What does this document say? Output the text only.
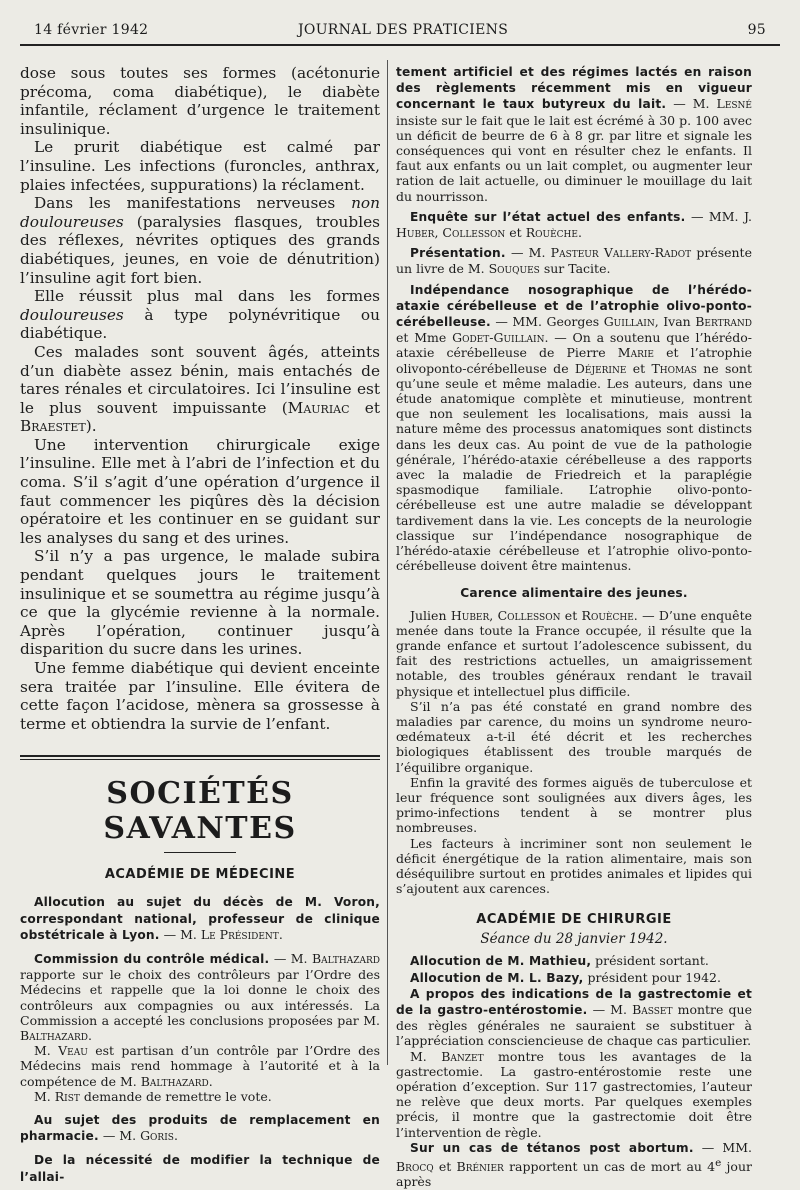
14 février 1942	JOURNAL DES PRATICIENS	95

dose sous toutes ses formes (acétonurie précoma, coma diabétique), le diabète infantile, réclament d’urgence le traitement insulinique.

Le prurit diabétique est calmé par l’insuline. Les infections (furoncles, anthrax, plaies infectées, suppurations) la réclament.

Dans les manifestations nerveuses non douloureuses (paralysies flasques, troubles des réflexes, névrites optiques des grands diabétiques, jeunes, en voie de dénutrition) l’insuline agit fort bien.

Elle réussit plus mal dans les formes douloureuses à type polynévritique ou diabétique.

Ces malades sont souvent âgés, atteints d’un diabète assez bénin, mais entachés de tares rénales et circulatoires. Ici l’insuline est le plus souvent impuissante (Mauriac et Braestet).

Une intervention chirurgicale exige l’insuline. Elle met à l’abri de l’infection et du coma. S’il s’agit d’une opération d’urgence il faut commencer les piqûres dès la décision opératoire et les continuer en se guidant sur les analyses du sang et des urines.

S’il n’y a pas urgence, le malade subira pendant quelques jours le traitement insulinique et se soumettra au régime jusqu’à ce que la glycémie revienne à la normale. Après l’opération, continuer jusqu’à disparition du sucre dans les urines.

Une femme diabétique qui devient enceinte sera traitée par l’insuline. Elle évitera de cette façon l’acidose, mènera sa grossesse à terme et obtiendra la survie de l’enfant.

SOCIÉTÉS SAVANTES
ACADÉMIE DE MÉDECINE

Allocution au sujet du décès de M. Voron, correspondant national, professeur de clinique obstétricale à Lyon. — M. Le Président.

Commission du contrôle médical. — M. Balthazard rapporte sur le choix des contrôleurs par l’Ordre des Médecins et rappelle que la loi donne le choix des contrôleurs aux compagnies ou aux intéressés. La Commission a accepté les conclusions proposées par M. Balthazard.

M. Veau est partisan d’un contrôle par l’Ordre des Médecins mais rend hommage à l’autorité et à la compétence de M. Balthazard.

M. Rist demande de remettre le vote.

Au sujet des produits de remplacement en pharmacie. — M. Goris.

De la nécessité de modifier la technique de l’allai-

tement artificiel et des régimes lactés en raison des règlements récemment mis en vigueur concernant le taux butyreux du lait. — M. Lesné insiste sur le fait que le lait est écrémé à 30 p. 100 avec un déficit de beurre de 6 à 8 gr. par litre et signale les conséquences qui vont en résulter chez le enfants. Il faut aux enfants ou un lait complet, ou augmenter leur ration de lait actuelle, ou diminuer le mouillage du lait du nourrisson.

Enquête sur l’état actuel des enfants. — MM. J. Huber, Collesson et Rouèche.

Présentation. — M. Pasteur Vallery-Radot présente un livre de M. Souques sur Tacite.

Indépendance nosographique de l’hérédo-ataxie cérébelleuse et de l’atrophie olivo-ponto-cérébelleuse. — MM. Georges Guillain, Ivan Bertrand et Mme Godet-Guillain. — On a soutenu que l’hérédo-ataxie cérébelleuse de Pierre Marie et l’atrophie olivoponto-cérébelleuse de Déjerine et Thomas ne sont qu’une seule et même maladie. Les auteurs, dans une étude anatomique complète et minutieuse, montrent que non seulement les localisations, mais aussi la nature même des processus anatomiques sont distincts dans les deux cas. Au point de vue de la pathologie générale, l’hérédo-ataxie cérébelleuse a des rapports avec la maladie de Friedreich et la paraplégie spasmodique familiale. L’atrophie olivo-ponto-cérébelleuse est une autre maladie se développant tardivement dans la vie. Les concepts de la neurologie classique sur l’indépendance nosographique de l’hérédo-ataxie cérébelleuse et l’atrophie olivo-ponto-cérébelleuse doivent être maintenus.

Carence alimentaire des jeunes.

Julien Huber, Collesson et Rouèche. — D’une enquête menée dans toute la France occupée, il résulte que la grande enfance et surtout l’adolescence subissent, du fait des restrictions actuelles, un amaigrissement notable, des troubles généraux rendant le travail physique et intellectuel plus difficile.

S’il n’a pas été constaté en grand nombre des maladies par carence, du moins un syndrome neuro-œdémateux a-t-il été décrit et les recherches biologiques établissent des trouble marqués de l’équilibre organique.

Enfin la gravité des formes aiguës de tuberculose et leur fréquence sont soulignées aux divers âges, les primo-infections tendent à se montrer plus nombreuses.

Les facteurs à incriminer sont non seulement le déficit énergétique de la ration alimentaire, mais son déséquilibre surtout en protides animales et lipides qui s’ajoutent aux carences.

ACADÉMIE DE CHIRURGIE
Séance du 28 janvier 1942.

Allocution de M. Mathieu, président sortant.

Allocution de M. L. Bazy, président pour 1942.

A propos des indications de la gastrectomie et de la gastro-entérostomie. — M. Basset montre que des règles générales ne sauraient se substituer à l’appréciation consciencieuse de chaque cas particulier.

M. Banzet montre tous les avantages de la gastrectomie. La gastro-entérostomie reste une opération d’exception. Sur 117 gastrectomies, l’auteur ne relève que deux morts. Par quelques exemples précis, il montre que la gastrectomie doit être l’intervention de règle.

Sur un cas de tétanos post abortum. — MM. Brocq et Brénier rapportent un cas de mort au 4e jour après
